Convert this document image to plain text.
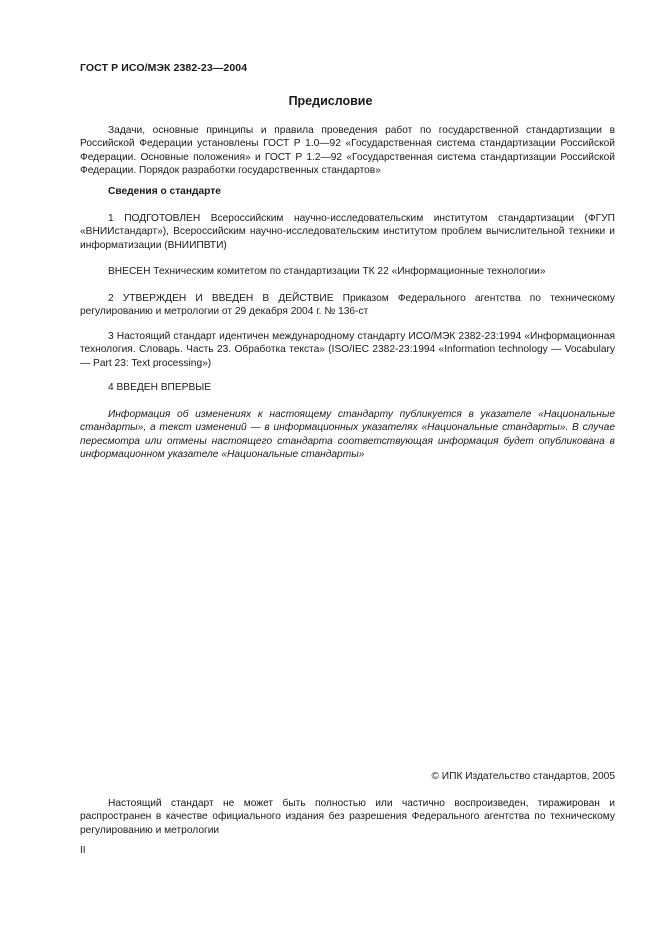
ГОСТ Р ИСО/МЭК 2382-23—2004
Предисловие

Задачи, основные принципы и правила проведения работ по государственной стандартизации в Российской Федерации установлены ГОСТ Р 1.0—92 «Государственная система стандартизации Российской Федерации. Основные положения» и ГОСТ Р 1.2—92 «Государственная система стандартизации Российской Федерации. Порядок разработки государственных стандартов»

Сведения о стандарте

1 ПОДГОТОВЛЕН Всероссийским научно-исследовательским институтом стандартизации (ФГУП «ВНИИстандарт»), Всероссийским научно-исследовательским институтом проблем вычислительной техники и информатизации (ВНИИПВТИ)

ВНЕСЕН Техническим комитетом по стандартизации ТК 22 «Информационные технологии»

2 УТВЕРЖДЕН И ВВЕДЕН В ДЕЙСТВИЕ Приказом Федерального агентства по техническому регулированию и метрологии от 29 декабря 2004 г. № 136-ст

3 Настоящий стандарт идентичен международному стандарту ИСО/МЭК 2382-23:1994 «Информационная технология. Словарь. Часть 23. Обработка текста» (ISO/IEC 2382-23:1994 «Information technology — Vocabulary — Part 23: Text processing»)

4 ВВЕДЕН ВПЕРВЫЕ

Информация об изменениях к настоящему стандарту публикуется в указателе «Национальные стандарты», а текст изменений — в информационных указателях «Национальные стандарты». В случае пересмотра или отмены настоящего стандарта соответствующая информация будет опубликована в информационном указателе «Национальные стандарты»

© ИПК Издательство стандартов, 2005

Настоящий стандарт не может быть полностью или частично воспроизведен, тиражирован и распространен в качестве официального издания без разрешения Федерального агентства по техническому регулированию и метрологии

II
